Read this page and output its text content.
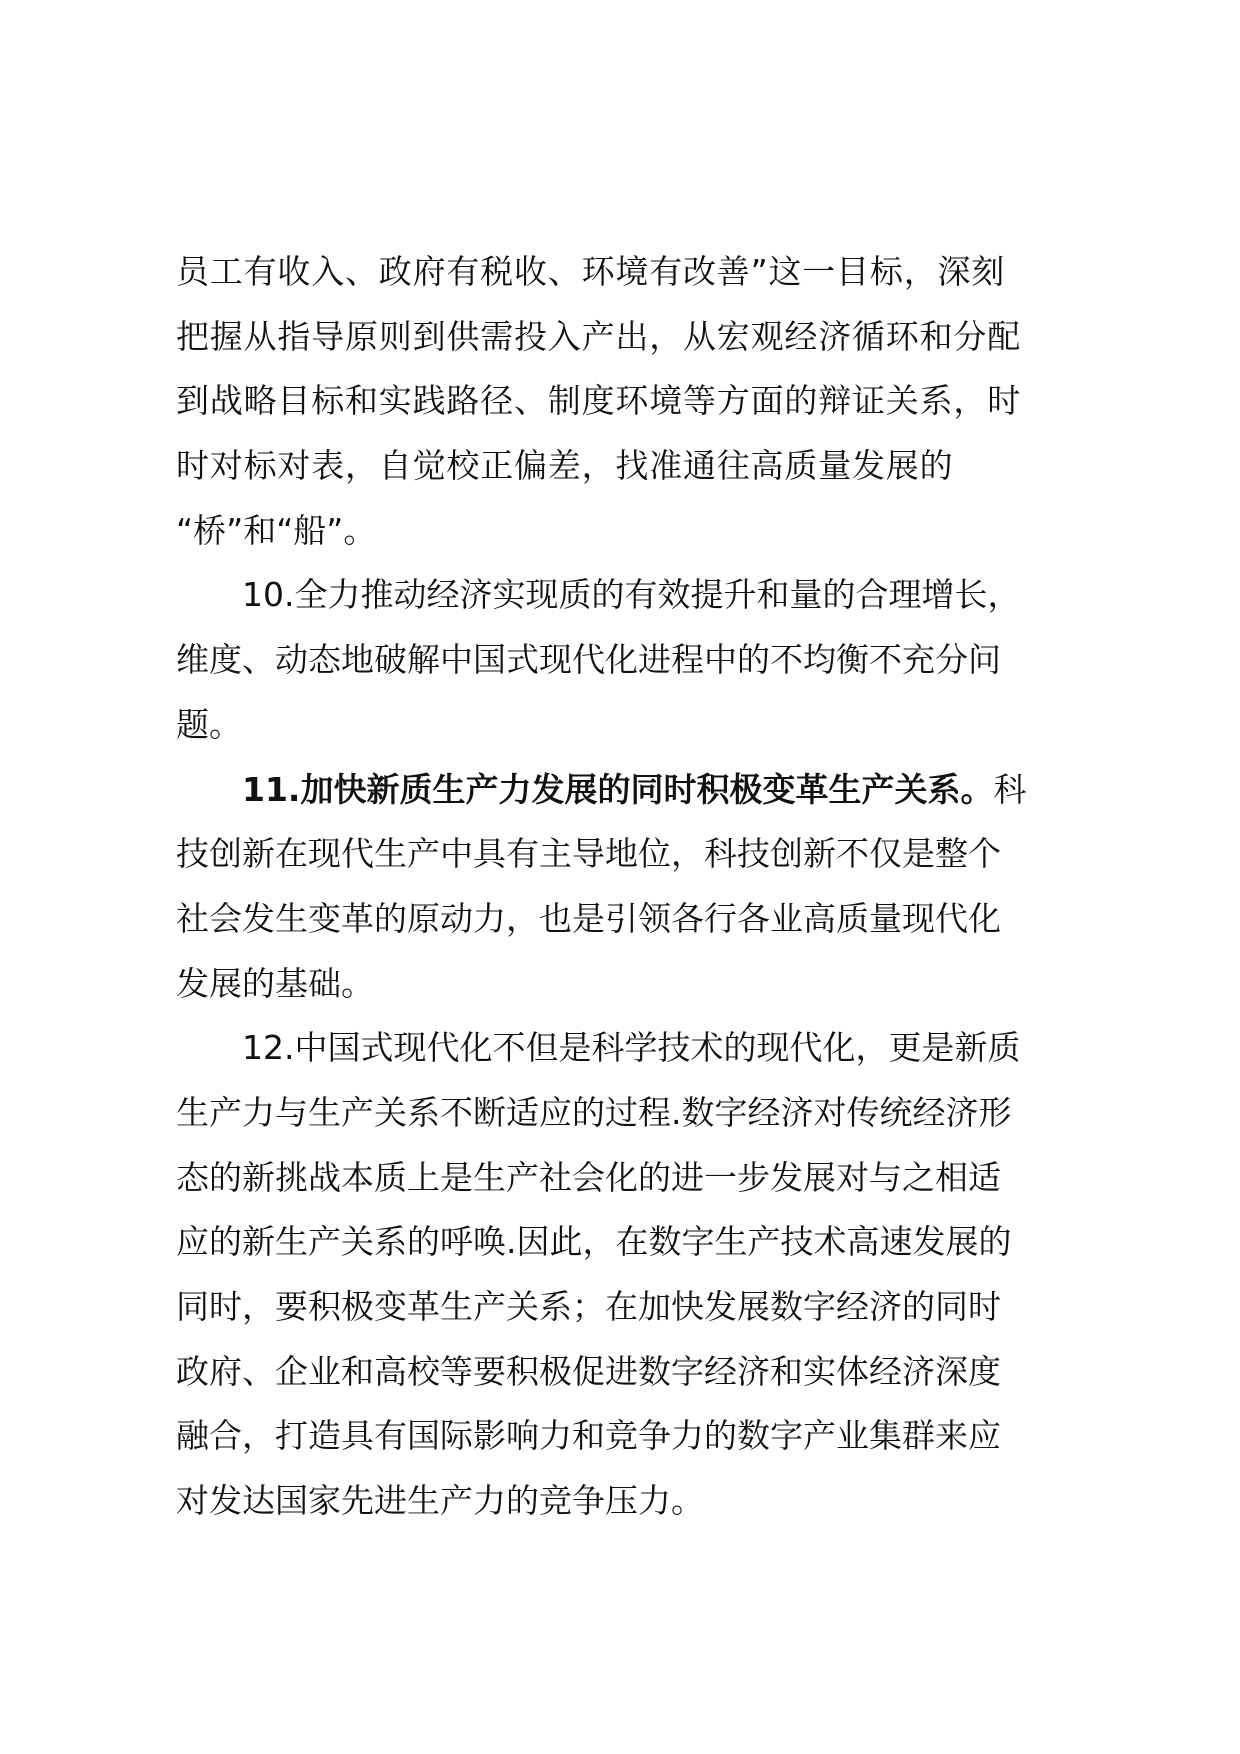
员工有收入、政府有税收、环境有改善”这一目标，深刻
把握从指导原则到供需投入产出，从宏观经济循环和分配
到战略目标和实践路径、制度环境等方面的辩证关系，时
时对标对表，自觉校正偏差，找准通往高质量发展的
“桥”和“船”。
10.全力推动经济实现质的有效提升和量的合理增长，
维度、动态地破解中国式现代化进程中的不均衡不充分问
题。
11.加快新质生产力发展的同时积极变革生产关系。科
技创新在现代生产中具有主导地位，科技创新不仅是整个
社会发生变革的原动力，也是引领各行各业高质量现代化
发展的基础。
12.中国式现代化不但是科学技术的现代化，更是新质
生产力与生产关系不断适应的过程.数字经济对传统经济形
态的新挑战本质上是生产社会化的进一步发展对与之相适
应的新生产关系的呼唤.因此，在数字生产技术高速发展的
同时，要积极变革生产关系；在加快发展数字经济的同时
政府、企业和高校等要积极促进数字经济和实体经济深度
融合，打造具有国际影响力和竞争力的数字产业集群来应
对发达国家先进生产力的竞争压力。
